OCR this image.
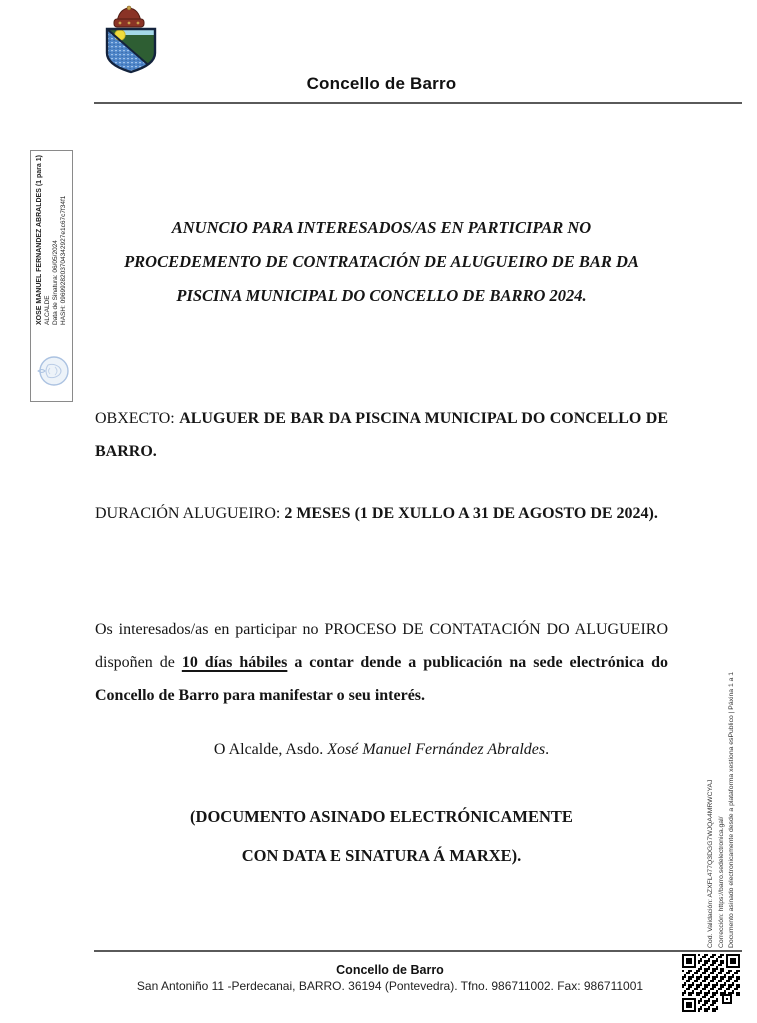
Concello de Barro
XOSE MANUEL FERNANDEZ ABRALDES (1 para 1) ALCALDE Data de Sinatura: 06/05/2024 HASH: 0969928203704342927e1c67c7f34f1	ANUNCIO PARA INTERESADOS/AS EN PARTICIPAR NO
PROCEDEMENTO DE CONTRATACIÓN DE ALUGUEIRO DE BAR DA
PISCINA MUNICIPAL DO CONCELLO DE BARRO 2024.
OBXECTO: ALUGUER DE BAR DA PISCINA MUNICIPAL DO CONCELLO DE BARRO.
DURACIÓN ALUGUEIRO: 2 MESES (1 DE XULLO A 31 DE AGOSTO DE 2024).
Os interesados/as en participar no PROCESO DE CONTATACIÓN DO ALUGUEIRO dispoñen de 10 días hábiles a contar dende a publicación na sede electrónica do Concello de Barro para manifestar o seu interés.
O Alcalde, Asdo. Xosé Manuel Fernández Abraldes.
(DOCUMENTO ASINADO ELECTRÓNICAMENTE
CON DATA E SINATURA Á MARXE).
Concello de Barro
San Antoniño 11 -Perdecanai, BARRO. 36194 (Pontevedra). Tfno. 986711002. Fax: 986711001
Cod. Validación: AZXFL477Q3DGG7WJQA4MRWCYAJ Corrección: https://barro.sedelectronica.gal/ Documento asinado electronicamente desde a plataforma xestiona esPublico | Páxina 1 a 1
